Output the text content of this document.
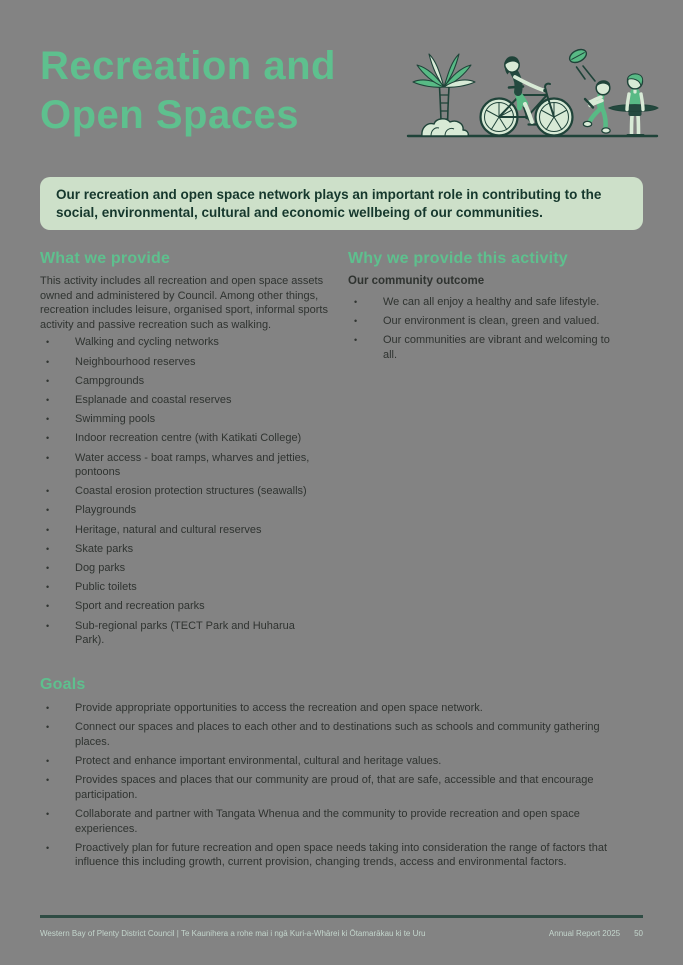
Recreation and
Open Spaces

Our recreation and open space network plays an important role in contributing to the social, environmental, cultural and economic wellbeing of our communities.

What we provide

This activity includes all recreation and open space assets owned and administered by Council. Among other things, recreation includes leisure, organised sport, informal sports activity and passive recreation such as walking.

•	Walking and cycling networks
•	Neighbourhood reserves
•	Campgrounds
•	Esplanade and coastal reserves
•	Swimming pools
•	Indoor recreation centre (with Katikati College)
•	Water access - boat ramps, wharves and jetties, pontoons
•	Coastal erosion protection structures (seawalls)
•	Playgrounds
•	Heritage, natural and cultural reserves
•	Skate parks
•	Dog parks
•	Public toilets
•	Sport and recreation parks
•	Sub-regional parks (TECT Park and Huharua Park).
Why we provide this activity
Our community outcome
•	We can all enjoy a healthy and safe lifestyle.
•	Our environment is clean, green and valued.
•	Our communities are vibrant and welcoming to all.
Goals
•	Provide appropriate opportunities to access the recreation and open space network.
•	Connect our spaces and places to each other and to destinations such as schools and community gathering places.
•	Protect and enhance important environmental, cultural and heritage values.
•	Provides spaces and places that our community are proud of, that are safe, accessible and that encourage participation.
•	Collaborate and partner with Tangata Whenua and the community to provide recreation and open space experiences.
•	Proactively plan for future recreation and open space needs taking into consideration the range of factors that influence this including growth, current provision, changing trends, access and environmental factors.
Western Bay of Plenty District Council | Te Kaunihera a rohe mai i ngā Kuri-a-Whārei ki Ōtamarākau ki te Uru	Annual Report 2025 50
